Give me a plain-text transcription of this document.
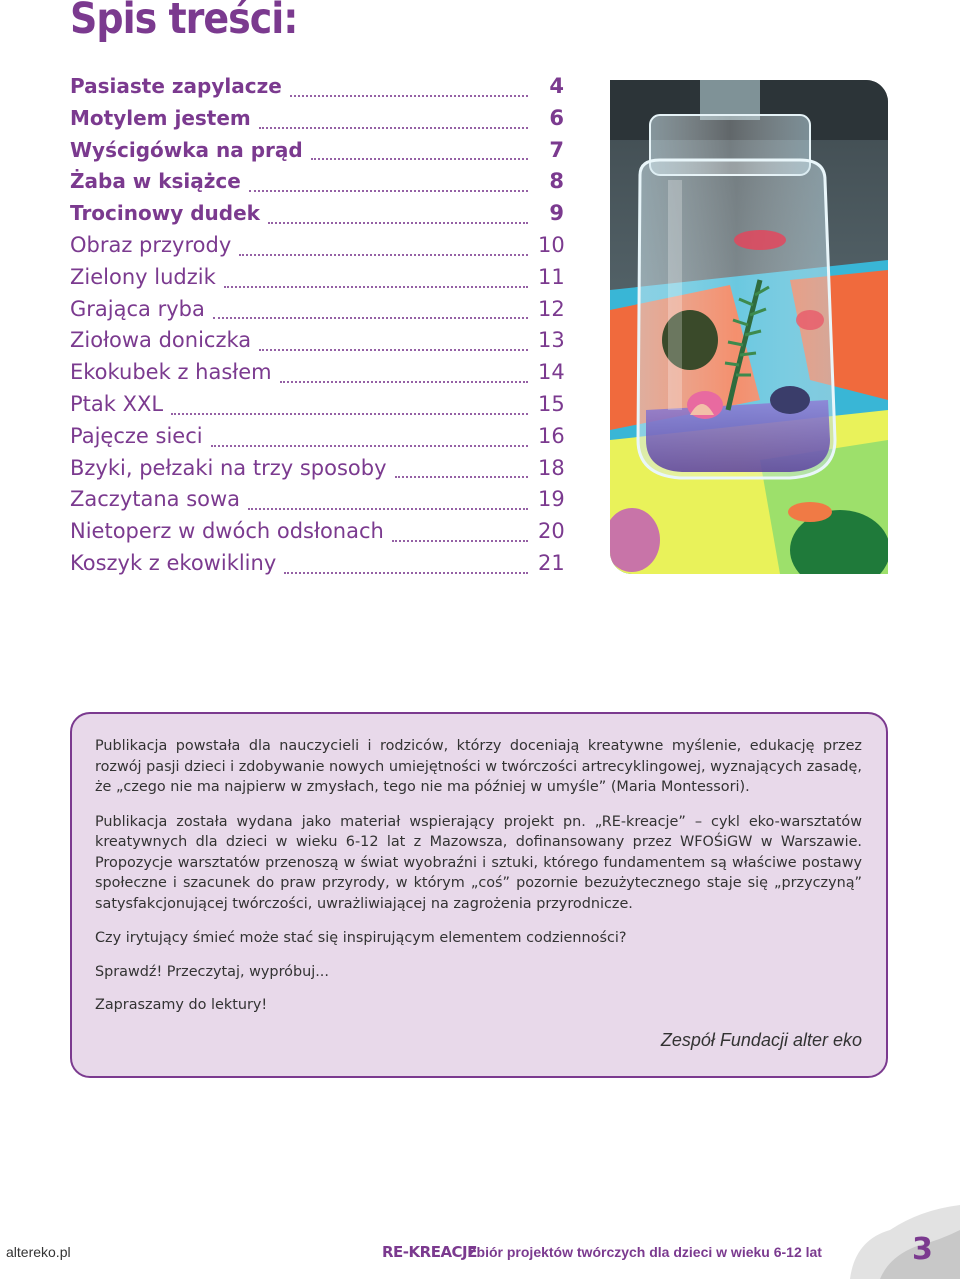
Spis treści:
Pasiaste zapylacze	4
Motylem jestem	6
Wyścigówka na prąd	7
Żaba w książce	8
Trocinowy dudek	9
Obraz przyrody	10
Zielony ludzik	11
Grająca ryba	12
Ziołowa doniczka	13
Ekokubek z hasłem	14
Ptak XXL	15
Pajęcze sieci	16
Bzyki, pełzaki na trzy sposoby	18
Zaczytana sowa	19
Nietoperz w dwóch odsłonach	20
Koszyk z ekowikliny	21

Publikacja powstała dla nauczycieli i rodziców, którzy doceniają kreatywne myślenie, edukację przez rozwój pasji dzieci i zdobywanie nowych umiejętności w twórczości artrecyklingowej, wyznających zasadę, że „czego nie ma najpierw w zmysłach, tego nie ma później w umyśle” (Maria Montessori).

Publikacja została wydana jako materiał wspierający projekt pn. „RE-kreacje” – cykl eko-warsztatów kreatywnych dla dzieci w wieku 6-12 lat z Mazowsza, dofinansowany przez WFOŚiGW w Warszawie. Propozycje warsztatów przenoszą w świat wyobraźni i sztuki, którego fundamentem są właściwe postawy społeczne i szacunek do praw przyrody, w którym „coś” pozornie bezużytecznego staje się „przyczyną” satysfakcjonującej twórczości, uwrażliwiającej na zagrożenia przyrodnicze.

Czy irytujący śmieć może stać się inspirującym elementem codzienności?

Sprawdź! Przeczytaj, wypróbuj...

Zapraszamy do lektury!

Zespół Fundacji alter eko
altereko.pl	RE-KREACJE
Zbiór projektów twórczych dla dzieci w wieku 6-12 lat	3
